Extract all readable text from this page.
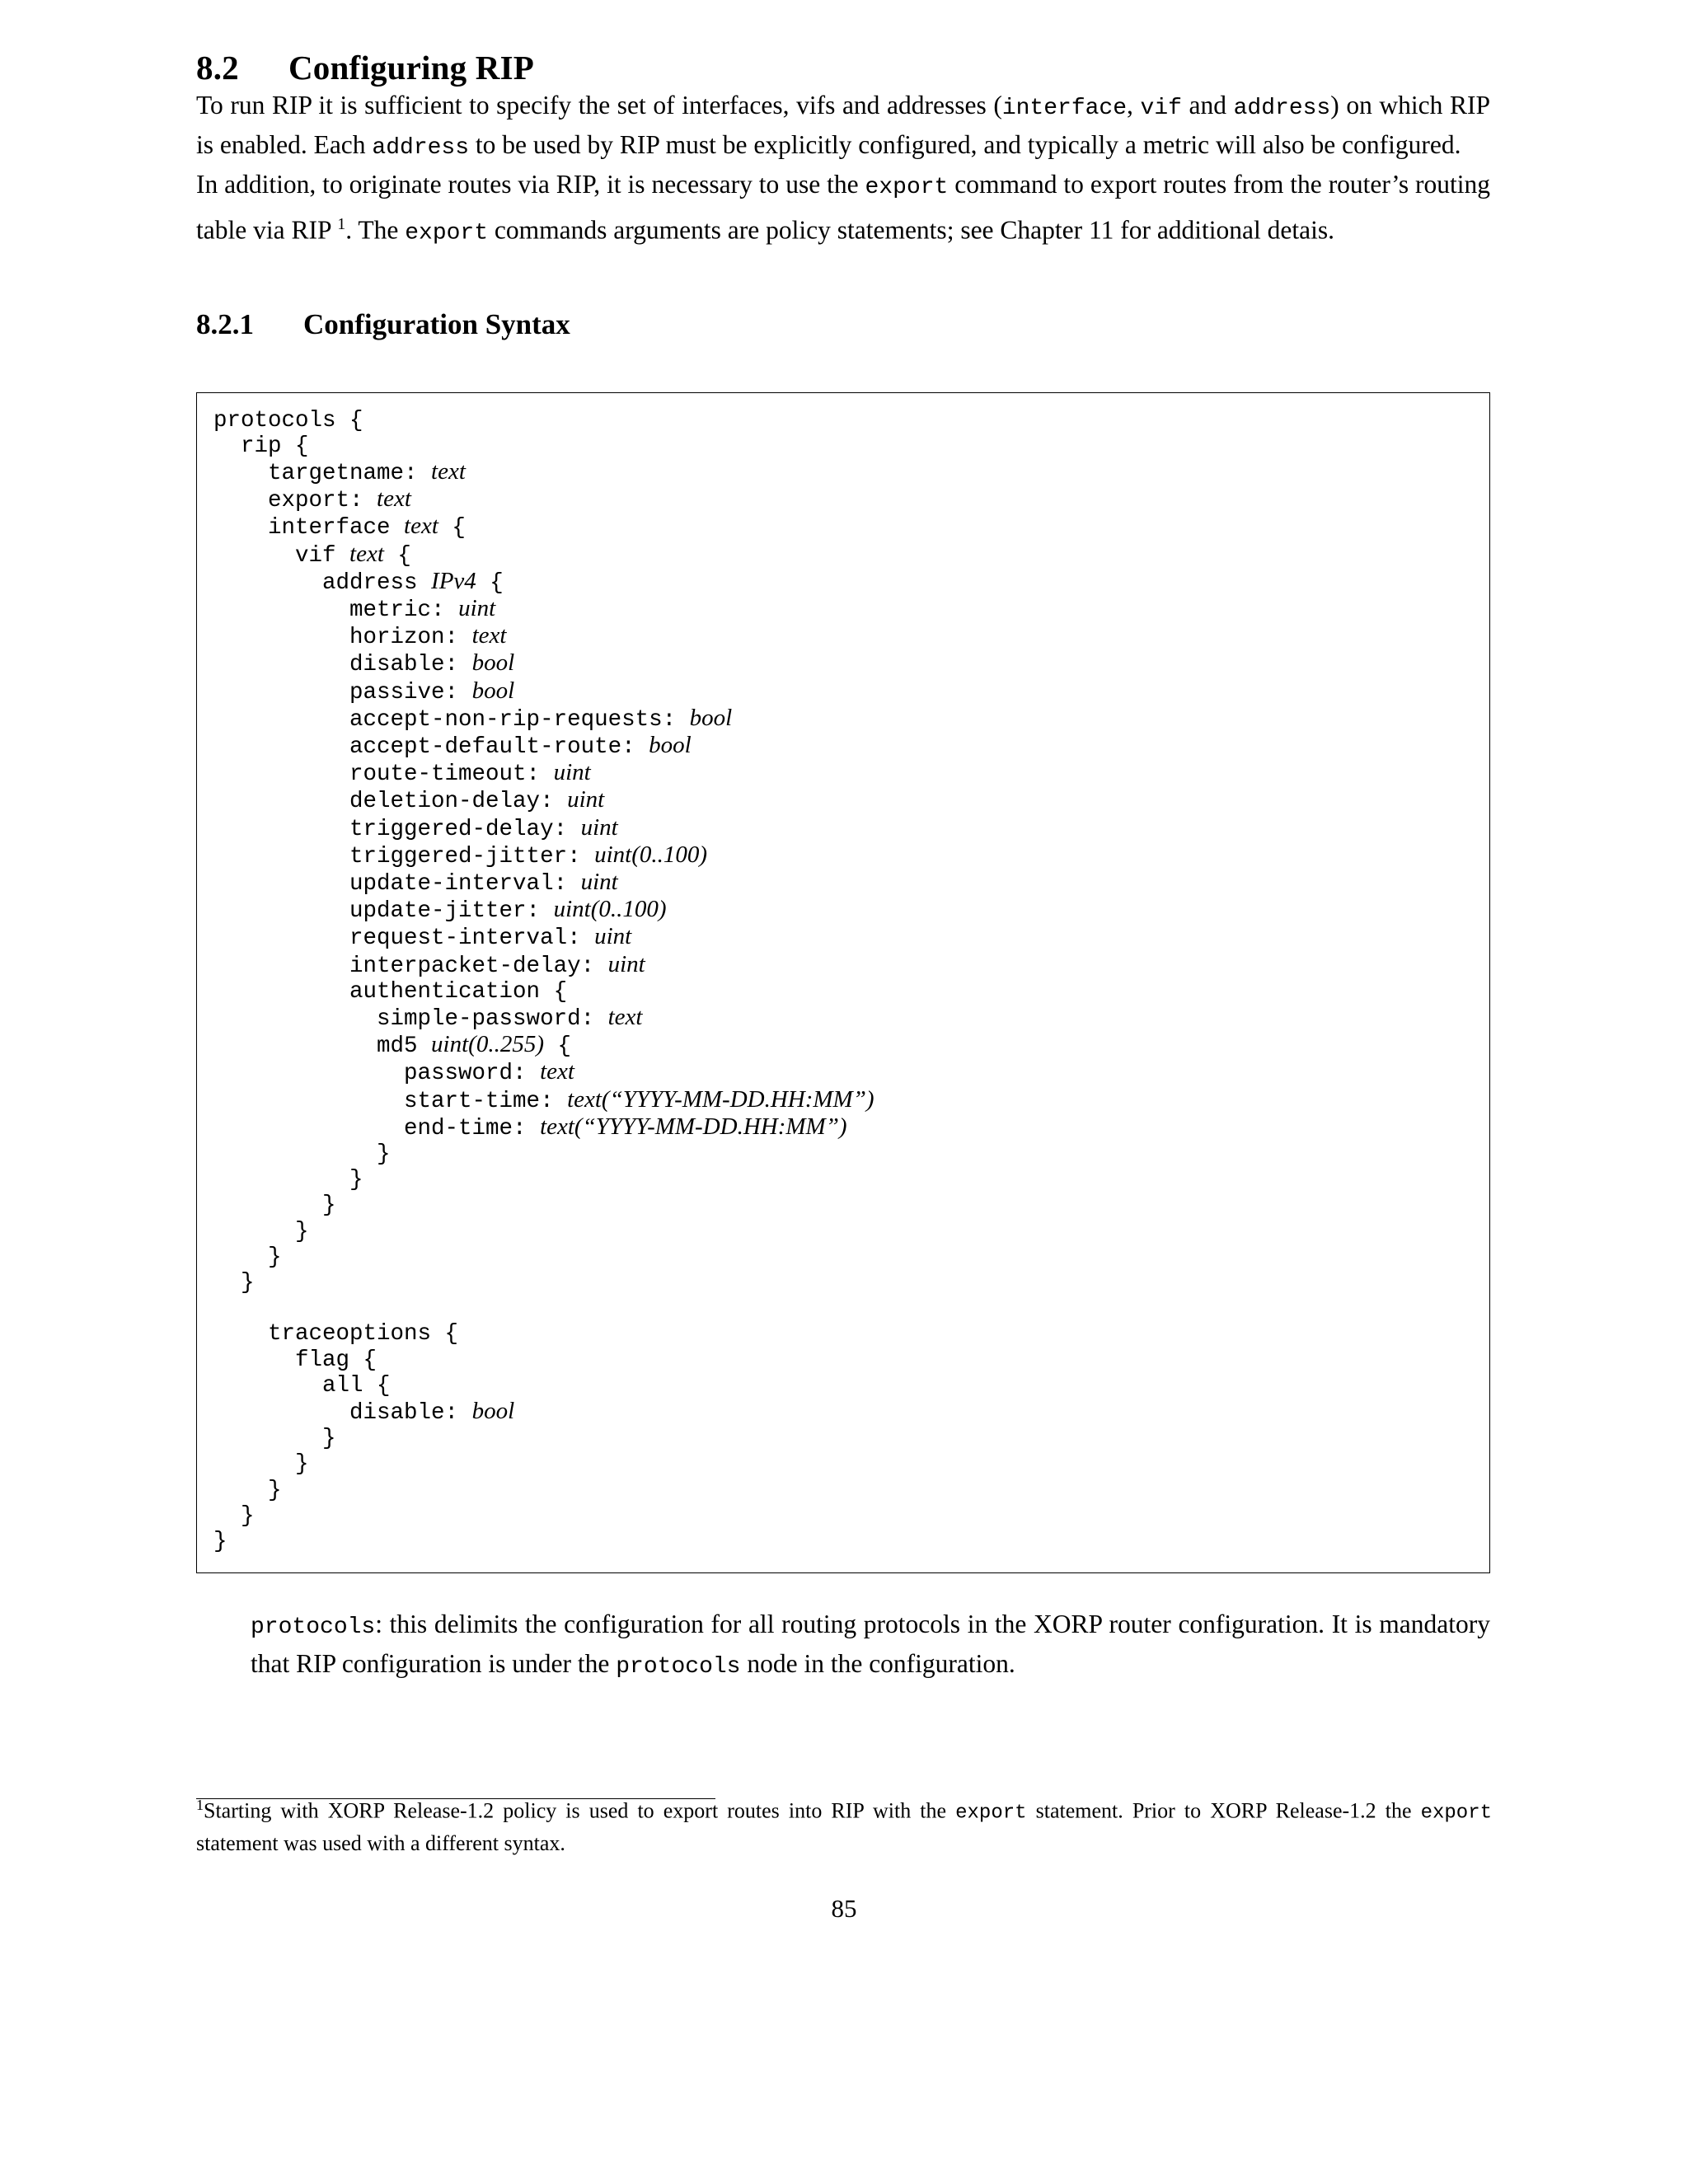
8.2 Configuring RIP

To run RIP it is sufficient to specify the set of interfaces, vifs and addresses (interface, vif and address) on which RIP is enabled. Each address to be used by RIP must be explicitly configured, and typically a metric will also be configured.

In addition, to originate routes via RIP, it is necessary to use the export command to export routes from the router’s routing table via RIP $^1$. The export commands arguments are policy statements; see Chapter 11 for additional detais.

8.2.1 Configuration Syntax
protocols {
rip {
targetname: text
export: text
interface text {
vif text {
address IPv4 {
metric: uint
horizon: text
disable: bool
passive: bool
accept-non-rip-requests: bool
accept-default-route: bool
route-timeout: uint
deletion-delay: uint
triggered-delay: uint
triggered-jitter: uint(0..100)
update-interval: uint
update-jitter: uint(0..100)
request-interval: uint
interpacket-delay: uint
authentication {
simple-password: text
md5 uint(0..255) {
password: text
start-time: text(“YYYY-MM-DD.HH:MM”)
end-time: text(“YYYY-MM-DD.HH:MM”)
}
}
}
}
}
}

traceoptions {
flag {
all {
disable: bool
}
}
}
}
}
protocols: this delimits the configuration for all routing protocols in the XORP router configuration. It is mandatory that RIP configuration is under the protocols node in the configuration.
$^1$Starting with XORP Release-1.2 policy is used to export routes into RIP with the export statement. Prior to XORP Release-1.2 the export statement was used with a different syntax.
85
